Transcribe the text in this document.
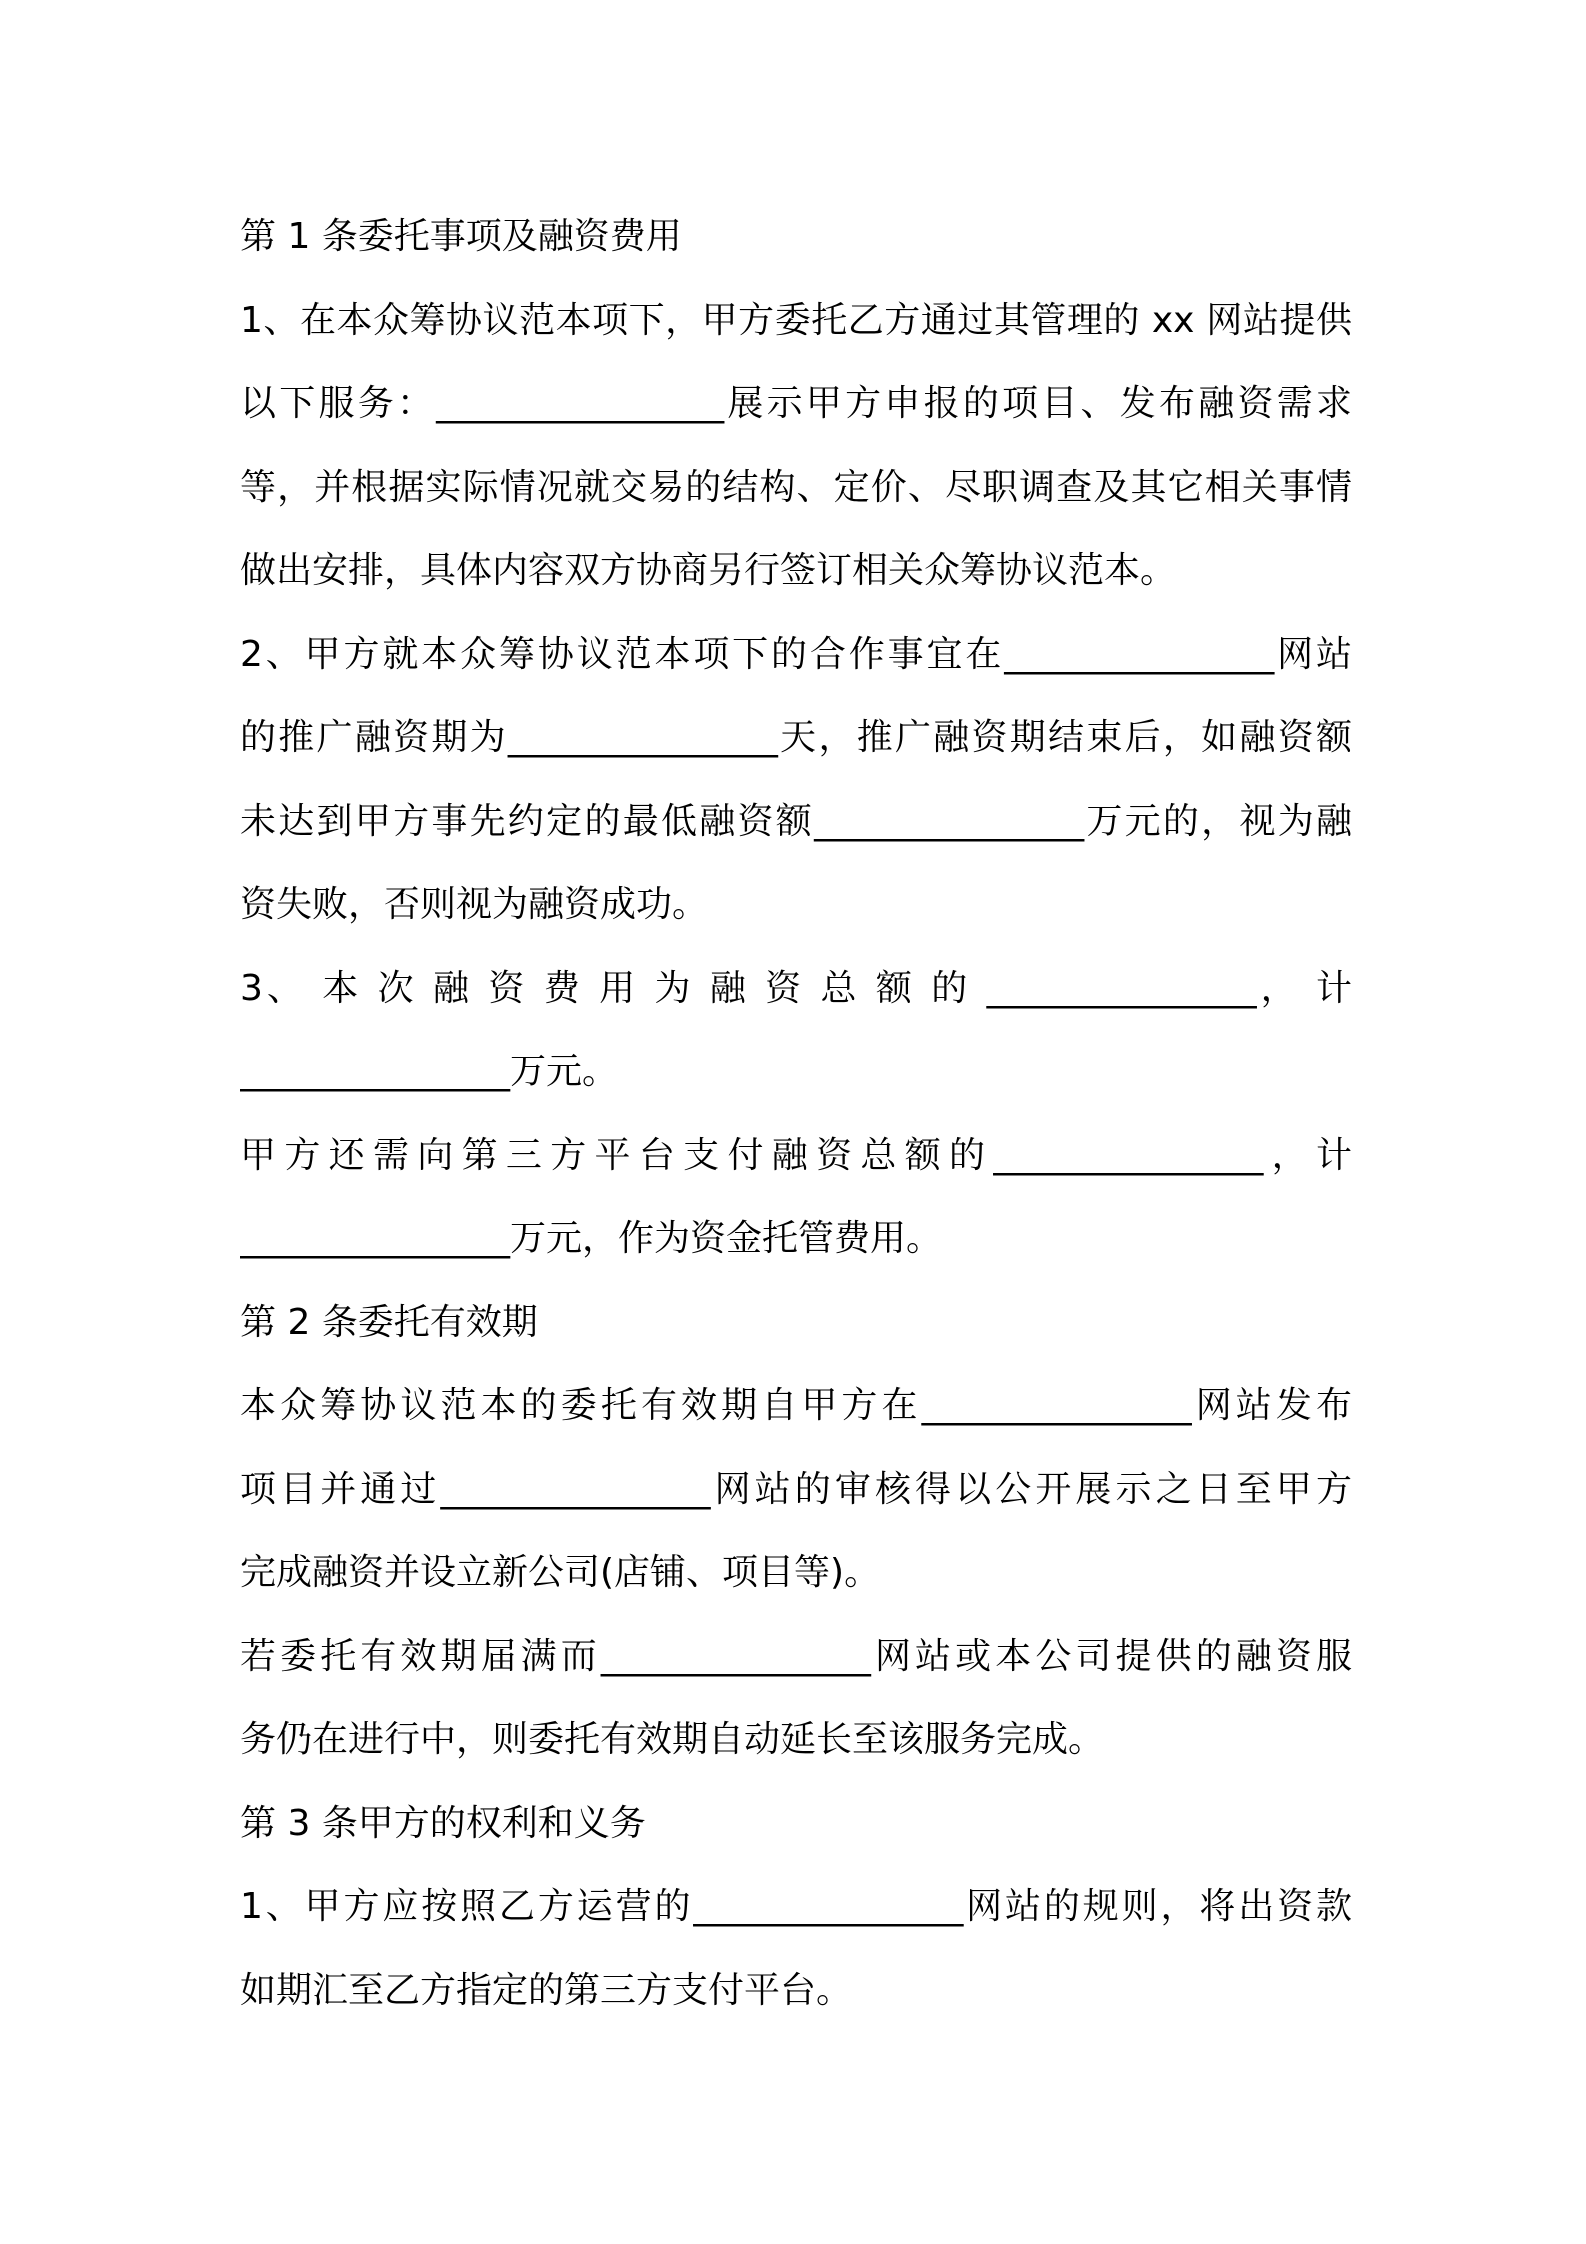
第 1 条委托事项及融资费用
1、在本众筹协议范本项下，甲方委托乙方通过其管理的 xx 网站提供
以下服务：________________展示甲方申报的项目、发布融资需求
等，并根据实际情况就交易的结构、定价、尽职调查及其它相关事情
做出安排，具体内容双方协商另行签订相关众筹协议范本。
2、甲方就本众筹协议范本项下的合作事宜在_______________网站
的推广融资期为_______________天，推广融资期结束后，如融资额
未达到甲方事先约定的最低融资额_______________万元的，视为融
资失败，否则视为融资成功。
3、 本 次 融 资 费 用 为 融 资 总 额 的 _______________， 计
_______________万元。
甲方还需向第三方平台支付融资总额的_______________，计
_______________万元，作为资金托管费用。
第 2 条委托有效期
本众筹协议范本的委托有效期自甲方在_______________网站发布
项目并通过_______________网站的审核得以公开展示之日至甲方
完成融资并设立新公司(店铺、项目等)。
若委托有效期届满而_______________网站或本公司提供的融资服
务仍在进行中，则委托有效期自动延长至该服务完成。
第 3 条甲方的权利和义务
1、甲方应按照乙方运营的_______________网站的规则，将出资款
如期汇至乙方指定的第三方支付平台。
